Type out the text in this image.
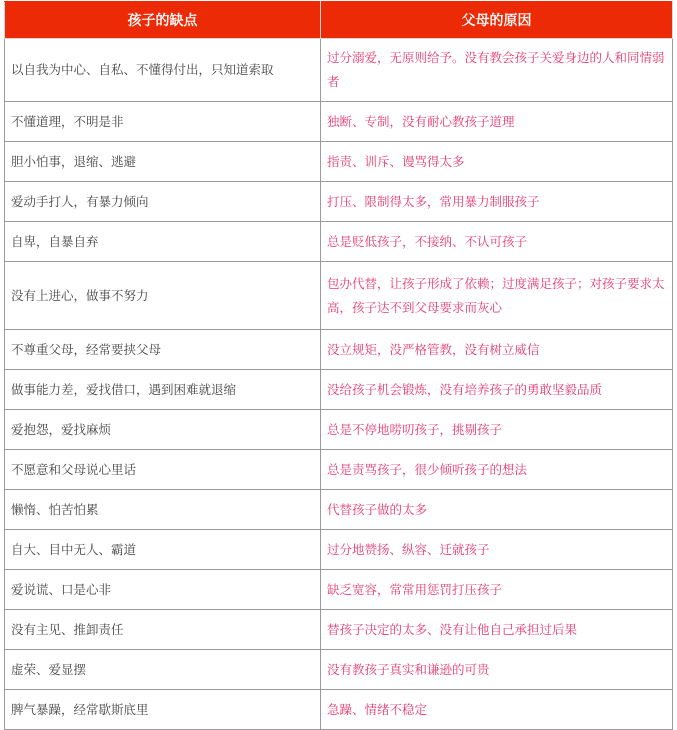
孩子的缺点	父母的原因
以自我为中心、自私、不懂得付出，只知道索取	过分溺爱，无原则给予。没有教会孩子关爱身边的人和同情弱者
不懂道理，不明是非	独断、专制，没有耐心教孩子道理
胆小怕事，退缩、逃避	指责、训斥、谩骂得太多
爱动手打人，有暴力倾向	打压、限制得太多，常用暴力制服孩子
自卑，自暴自弃	总是贬低孩子，不接纳、不认可孩子
没有上进心，做事不努力	包办代替，让孩子形成了依赖；过度满足孩子；对孩子要求太高，孩子达不到父母要求而灰心
不尊重父母，经常要挟父母	没立规矩，没严格管教，没有树立威信
做事能力差，爱找借口，遇到困难就退缩	没给孩子机会锻炼，没有培养孩子的勇敢坚毅品质
爱抱怨，爱找麻烦	总是不停地唠叨孩子，挑剔孩子
不愿意和父母说心里话	总是责骂孩子，很少倾听孩子的想法
懒惰、怕苦怕累	代替孩子做的太多
自大、目中无人、霸道	过分地赞扬、纵容、迁就孩子
爱说谎、口是心非	缺乏宽容，常常用惩罚打压孩子
没有主见、推卸责任	替孩子决定的太多、没有让他自己承担过后果
虚荣、爱显摆	没有教孩子真实和谦逊的可贵
脾气暴躁，经常歇斯底里	急躁、情绪不稳定
